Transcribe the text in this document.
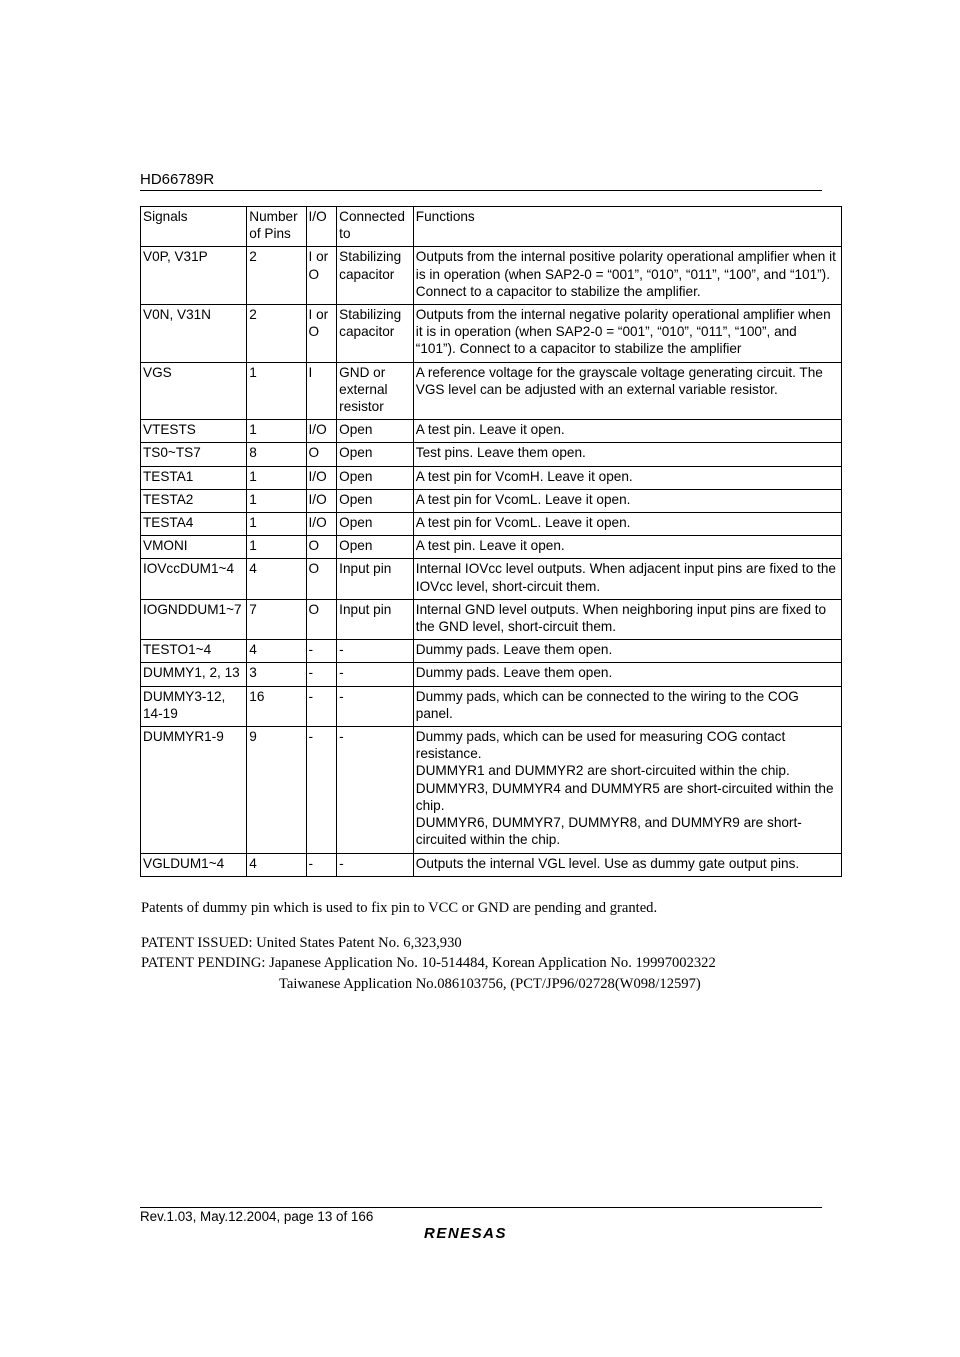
HD66789R
Signals	Number of Pins	I/O	Connected to	Functions
V0P, V31P	2	I or O	Stabilizing capacitor	Outputs from the internal positive polarity operational amplifier when it is in operation (when SAP2-0 = “001”, “010”, “011”, “100”, and “101”). Connect to a capacitor to stabilize the amplifier.
V0N, V31N	2	I or O	Stabilizing capacitor	Outputs from the internal negative polarity operational amplifier when it is in operation (when SAP2-0 = “001”, “010”, “011”, “100”, and “101”). Connect to a capacitor to stabilize the amplifier
VGS	1	I	GND or external resistor	A reference voltage for the grayscale voltage generating circuit. The VGS level can be adjusted with an external variable resistor.
VTESTS	1	I/O	Open	A test pin. Leave it open.
TS0~TS7	8	O	Open	Test pins. Leave them open.
TESTA1	1	I/O	Open	A test pin for VcomH. Leave it open.
TESTA2	1	I/O	Open	A test pin for VcomL. Leave it open.
TESTA4	1	I/O	Open	A test pin for VcomL. Leave it open.
VMONI	1	O	Open	A test pin. Leave it open.
IOVccDUM1~4	4	O	Input pin	Internal IOVcc level outputs. When adjacent input pins are fixed to the IOVcc level, short-circuit them.
IOGNDDUM1~7	7	O	Input pin	Internal GND level outputs. When neighboring input pins are fixed to the GND level, short-circuit them.
TESTO1~4	4	-	-	Dummy pads. Leave them open.
DUMMY1, 2, 13	3	-	-	Dummy pads. Leave them open.
DUMMY3-12, 14-19	16	-	-	Dummy pads, which can be connected to the wiring to the COG panel.
DUMMYR1-9	9	-	-	Dummy pads, which can be used for measuring COG contact resistance.
DUMMYR1 and DUMMYR2 are short-circuited within the chip.
DUMMYR3, DUMMYR4 and DUMMYR5 are short-circuited within the chip.
DUMMYR6, DUMMYR7, DUMMYR8, and DUMMYR9 are short-circuited within the chip.
VGLDUM1~4	4	-	-	Outputs the internal VGL level. Use as dummy gate output pins.

Patents of dummy pin which is used to fix pin to VCC or GND are pending and granted.

PATENT ISSUED: United States Patent No. 6,323,930

PATENT PENDING: Japanese Application No. 10-514484, Korean Application No. 19997002322

Taiwanese Application No.086103756, (PCT/JP96/02728(W098/12597)

Rev.1.03, May.12.2004, page 13 of 166
RENESAS
